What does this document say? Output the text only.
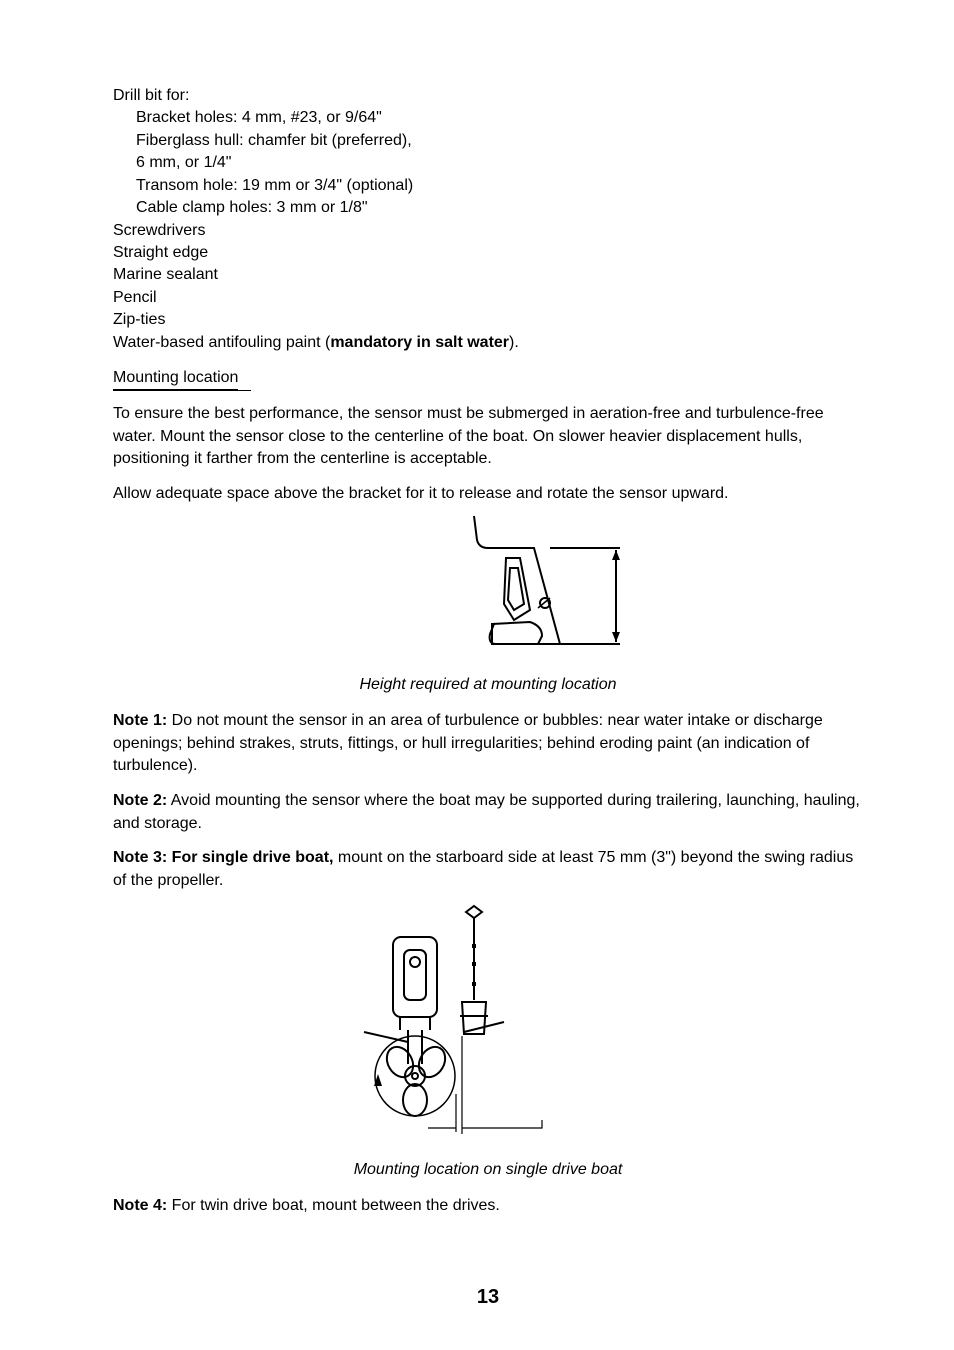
Drill bit for:
Bracket holes: 4 mm, #23, or 9/64"
Fiberglass hull: chamfer bit (preferred),
6 mm, or 1/4"
Transom hole: 19 mm or 3/4" (optional)
Cable clamp holes: 3 mm or 1/8"
Screwdrivers
Straight edge
Marine sealant
Pencil
Zip-ties
Water-based antifouling paint (mandatory in salt water).
Mounting location
To ensure the best performance, the sensor must be submerged in aeration-free and turbulence-free water. Mount the sensor close to the centerline of the boat. On slower heavier displacement hulls, positioning it farther from the centerline is acceptable.
Allow adequate space above the bracket for it to release and rotate the sensor upward.
Height required at mounting location
Note 1: Do not mount the sensor in an area of turbulence or bubbles: near water intake or discharge openings; behind strakes, struts, fittings, or hull irregularities; behind eroding paint (an indication of turbulence).
Note 2: Avoid mounting the sensor where the boat may be supported during trailering, launching, hauling, and storage.
Note 3: For single drive boat, mount on the starboard side at least 75 mm (3") beyond the swing radius of the propeller.
Mounting location on single drive boat
Note 4: For twin drive boat, mount between the drives.
13
